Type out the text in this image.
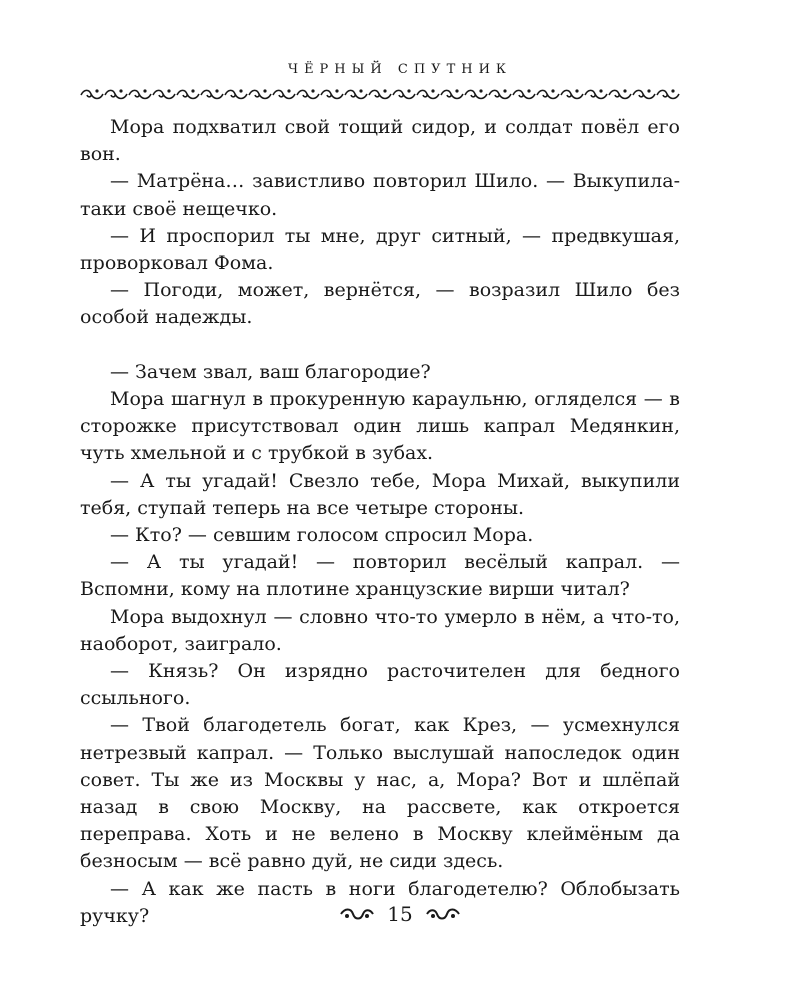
ЧЁРНЫЙ СПУТНИК

Мора подхватил свой тощий сидор, и солдат повёл его вон.

— Матрёна… завистливо повторил Шило. — Выкупила-таки своё нещечко.

— И проспорил ты мне, друг ситный, — предвкушая, проворковал Фома.

— Погоди, может, вернётся, — возразил Шило без особой надежды.

— Зачем звал, ваш благородие?

Мора шагнул в прокуренную караульню, огляделся — в сторожке присутствовал один лишь капрал Медянкин, чуть хмельной и с трубкой в зубах.

— А ты угадай! Свезло тебе, Мора Михай, выкупили тебя, ступай теперь на все четыре стороны.

— Кто? — севшим голосом спросил Мора.

— А ты угадай! — повторил весёлый капрал. — Вспомни, кому на плотине хранцузские вирши читал?

Мора выдохнул — словно что-то умерло в нём, а что-то, наоборот, заиграло.

— Князь? Он изрядно расточителен для бедного ссыльного.

— Твой благодетель богат, как Крез, — усмехнулся нетрезвый капрал. — Только выслушай напоследок один совет. Ты же из Москвы у нас, а, Мора? Вот и шлёпай назад в свою Москву, на рассвете, как откроется переправа. Хоть и не велено в Москву клеймёным да безносым — всё равно дуй, не сиди здесь.

— А как же пасть в ноги благодетелю? Облобызать ручку?	15
